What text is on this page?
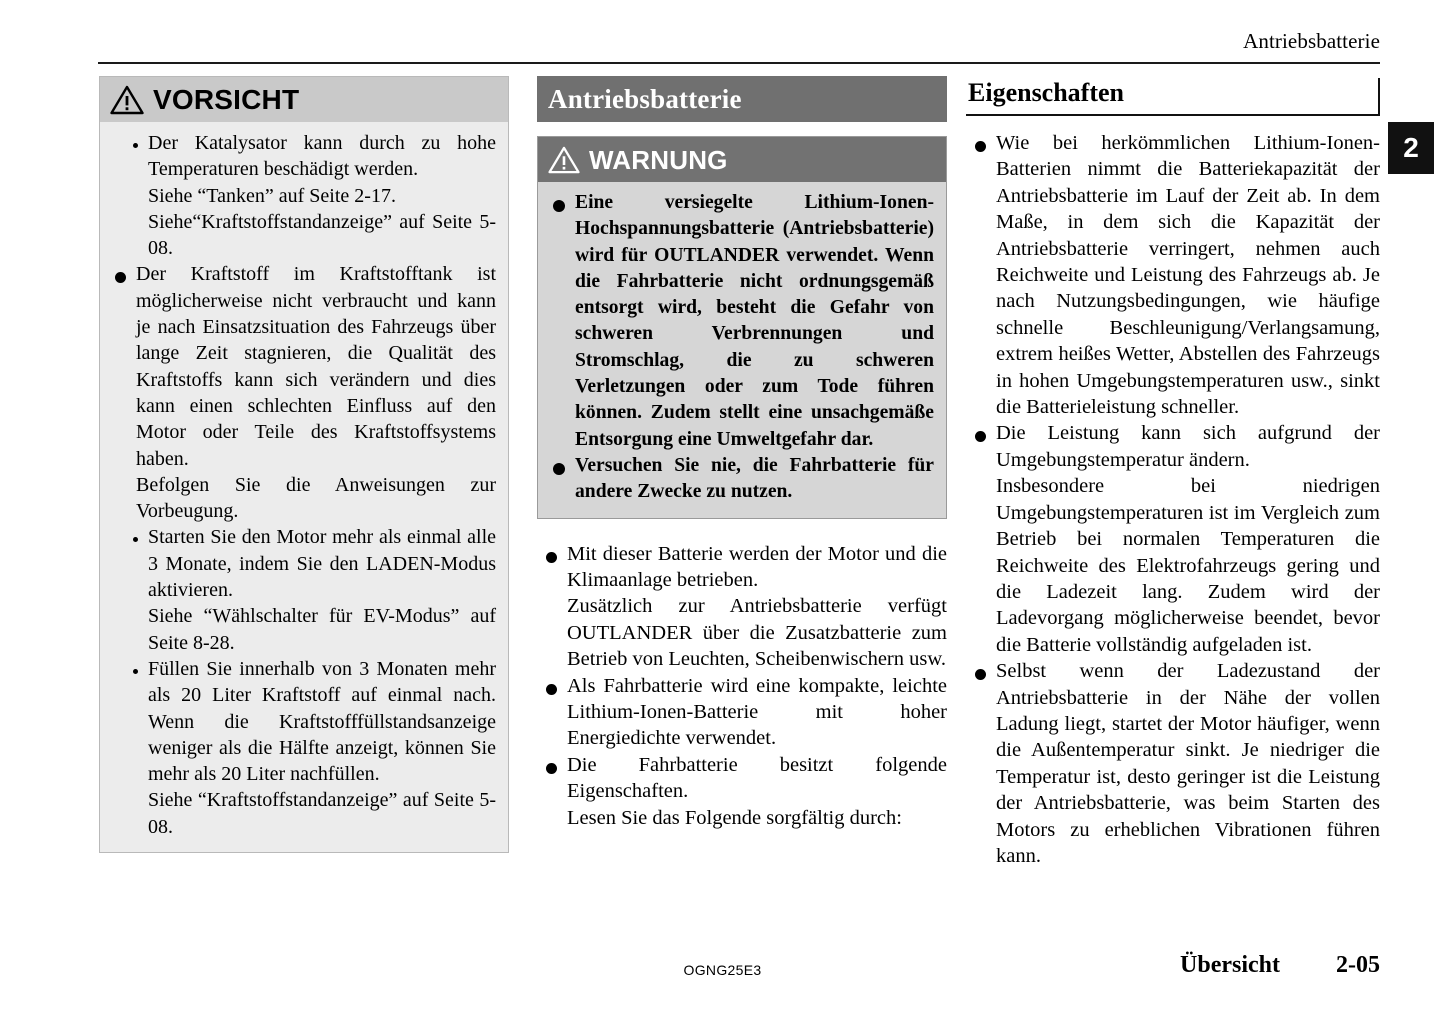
Antriebsbatterie
2
VORSICHT

Der Katalysator kann durch zu hohe Temperaturen beschädigt werden.

Siehe “Tanken” auf Seite 2-17.

Siehe“Kraftstoffstandanzeige” auf Seite 5-08.

Der Kraftstoff im Kraftstofftank ist möglicherweise nicht verbraucht und kann je nach Einsatzsituation des Fahrzeugs über lange Zeit stagnieren, die Qualität des Kraftstoffs kann sich verändern und dies kann einen schlechten Einfluss auf den Motor oder Teile des Kraftstoffsystems haben.

Befolgen Sie die Anweisungen zur Vorbeugung.

Starten Sie den Motor mehr als einmal alle 3 Monate, indem Sie den LADEN-Modus aktivieren.

Siehe “Wählschalter für EV-Modus” auf Seite 8-28.

Füllen Sie innerhalb von 3 Monaten mehr als 20 Liter Kraftstoff auf einmal nach. Wenn die Kraftstofffüllstandsanzeige weniger als die Hälfte anzeigt, können Sie mehr als 20 Liter nachfüllen.

Siehe “Kraftstoffstandanzeige” auf Seite 5-08.

Antriebsbatterie
WARNUNG

Eine versiegelte Lithium-Ionen-Hochspannungsbatterie (Antriebsbatterie) wird für OUTLANDER verwendet. Wenn die Fahrbatterie nicht ordnungsgemäß entsorgt wird, besteht die Gefahr von schweren Verbrennungen und Stromschlag, die zu schweren Verletzungen oder zum Tode führen können. Zudem stellt eine unsachgemäße Entsorgung eine Umweltgefahr dar.

Versuchen Sie nie, die Fahrbatterie für andere Zwecke zu nutzen.

Mit dieser Batterie werden der Motor und die Klimaanlage betrieben.

Zusätzlich zur Antriebsbatterie verfügt OUTLANDER über die Zusatzbatterie zum Betrieb von Leuchten, Scheibenwischern usw.

Als Fahrbatterie wird eine kompakte, leichte Lithium-Ionen-Batterie mit hoher Energiedichte verwendet.

Die Fahrbatterie besitzt folgende Eigenschaften.

Lesen Sie das Folgende sorgfältig durch:

Eigenschaften

Wie bei herkömmlichen Lithium-Ionen-Batterien nimmt die Batteriekapazität der Antriebsbatterie im Lauf der Zeit ab. In dem Maße, in dem sich die Kapazität der Antriebsbatterie verringert, nehmen auch Reichweite und Leistung des Fahrzeugs ab. Je nach Nutzungsbedingungen, wie häufige schnelle Beschleunigung/Verlangsamung, extrem heißes Wetter, Abstellen des Fahrzeugs in hohen Umgebungstemperaturen usw., sinkt die Batterieleistung schneller.

Die Leistung kann sich aufgrund der Umgebungstemperatur ändern.

Insbesondere bei niedrigen Umgebungstemperaturen ist im Vergleich zum Betrieb bei normalen Temperaturen die Reichweite des Elektrofahrzeugs gering und die Ladezeit lang. Zudem wird der Ladevorgang möglicherweise beendet, bevor die Batterie vollständig aufgeladen ist.

Selbst wenn der Ladezustand der Antriebsbatterie in der Nähe der vollen Ladung liegt, startet der Motor häufiger, wenn die Außentemperatur sinkt. Je niedriger die Temperatur ist, desto geringer ist die Leistung der Antriebsbatterie, was beim Starten des Motors zu erheblichen Vibrationen führen kann.

OGNG25E3	Übersicht 2-05
